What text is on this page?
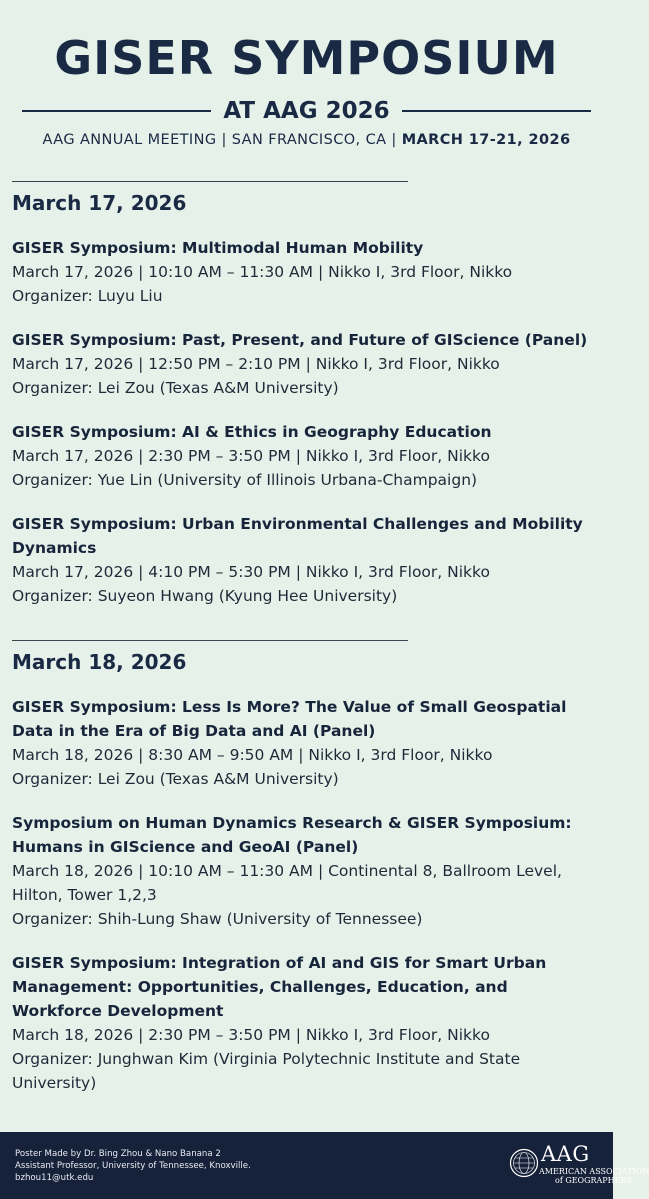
GISER SYMPOSIUM
AT AAG 2026
AAG ANNUAL MEETING | SAN FRANCISCO, CA | MARCH 17-21, 2026
March 17, 2026
GISER Symposium: Multimodal Human Mobility
March 17, 2026 | 10:10 AM – 11:30 AM | Nikko I, 3rd Floor, Nikko
Organizer: Luyu Liu
GISER Symposium: Past, Present, and Future of GIScience (Panel)
March 17, 2026 | 12:50 PM – 2:10 PM | Nikko I, 3rd Floor, Nikko
Organizer: Lei Zou (Texas A&M University)
GISER Symposium: AI & Ethics in Geography Education
March 17, 2026 | 2:30 PM – 3:50 PM | Nikko I, 3rd Floor, Nikko
Organizer: Yue Lin (University of Illinois Urbana-Champaign)
GISER Symposium: Urban Environmental Challenges and Mobility Dynamics
March 17, 2026 | 4:10 PM – 5:30 PM | Nikko I, 3rd Floor, Nikko
Organizer: Suyeon Hwang (Kyung Hee University)
March 18, 2026
GISER Symposium: Less Is More? The Value of Small Geospatial Data in the Era of Big Data and AI (Panel)
March 18, 2026 | 8:30 AM – 9:50 AM | Nikko I, 3rd Floor, Nikko
Organizer: Lei Zou (Texas A&M University)
Symposium on Human Dynamics Research & GISER Symposium: Humans in GIScience and GeoAI (Panel)
March 18, 2026 | 10:10 AM – 11:30 AM | Continental 8, Ballroom Level, Hilton, Tower 1,2,3
Organizer: Shih-Lung Shaw (University of Tennessee)
GISER Symposium: Integration of AI and GIS for Smart Urban Management: Opportunities, Challenges, Education, and Workforce Development
March 18, 2026 | 2:30 PM – 3:50 PM | Nikko I, 3rd Floor, Nikko
Organizer: Junghwan Kim (Virginia Polytechnic Institute and State University)
Poster Made by Dr. Bing Zhou & Nano Banana 2
Assistant Professor, University of Tennessee, Knoxville.
bzhou11@utk.edu
AAG
AMERICAN ASSOCIATION
of GEOGRAPHERS
